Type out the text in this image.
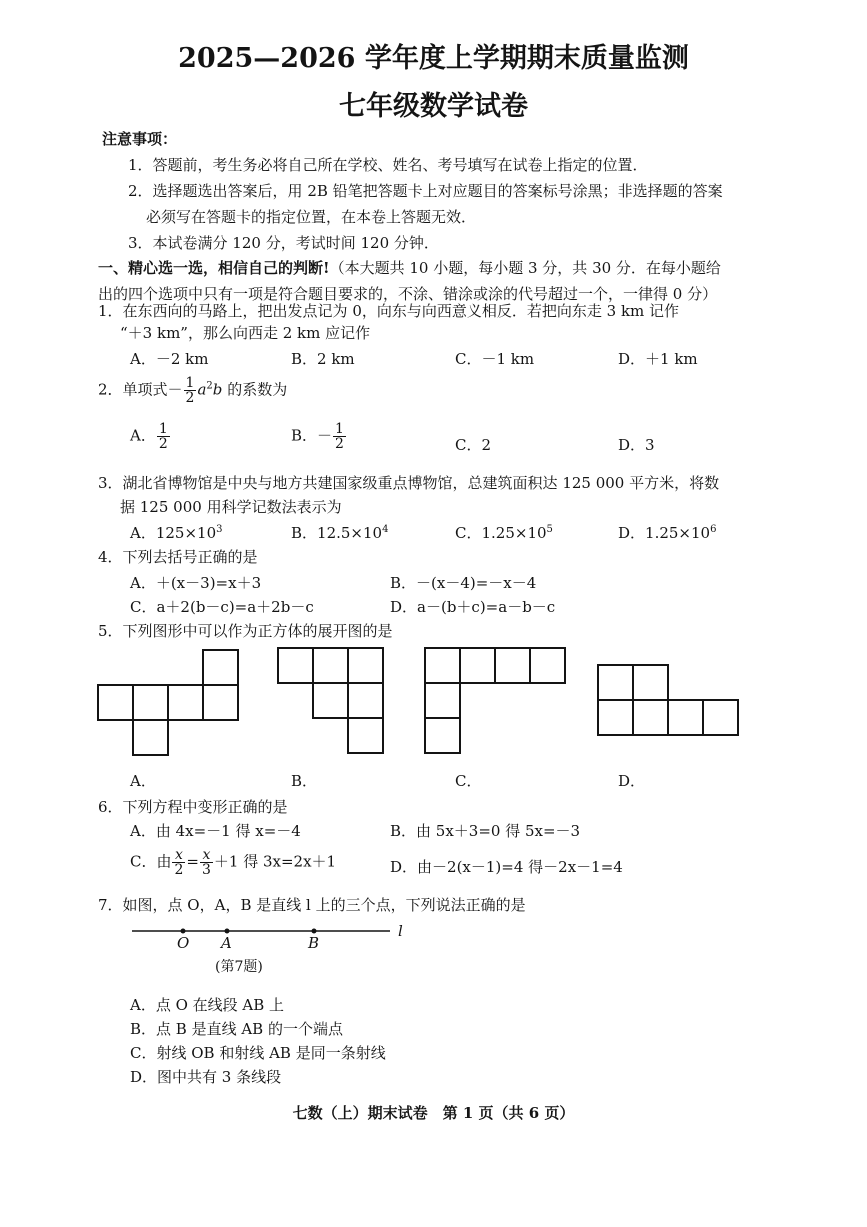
2025—2026 学年度上学期期末质量监测
七年级数学试卷
注意事项：
1．答题前，考生务必将自己所在学校、姓名、考号填写在试卷上指定的位置．
2．选择题选出答案后，用 2B 铅笔把答题卡上对应题目的答案标号涂黑；非选择题的答案
必须写在答题卡的指定位置，在本卷上答题无效．
3．本试卷满分 120 分，考试时间 120 分钟．
一、精心选一选，相信自己的判断!（本大题共 10 小题，每小题 3 分，共 30 分．在每小题给
出的四个选项中只有一项是符合题目要求的，不涂、错涂或涂的代号超过一个，一律得 0 分）
1．在东西向的马路上，把出发点记为 0，向东与向西意义相反．若把向东走 3 km 记作
“＋3 km”，那么向西走 2 km 应记作
A．－2 km	B．2 km	C．－1 km	D．＋1 km
2．单项式－ $\frac{1}{2} a^2b$ 的系数为
A． $\frac{1}{2}$	B．－ $\frac{1}{2}$	C．2	D．3
3．湖北省博物馆是中央与地方共建国家级重点博物馆，总建筑面积达 125 000 平方米，将数
据 125 000 用科学记数法表示为
A．$125\times 10^3$	B．$12.5\times 10^4$	C．$1.25\times 10^5$	D．$1.25\times 10^6$
4．下列去括号正确的是
A．＋(x－3)=x＋3	B．－(x－4)=－x－4
C．a＋2(b－c)=a＋2b－c	D．a－(b＋c)=a－b－c
5．下列图形中可以作为正方体的展开图的是
A．	B．	C．	D．
6．下列方程中变形正确的是
A．由 4x=－1 得 x=－4	B．由 5x＋3=0 得 5x=－3
C．由 $\frac{x}{2} = \frac{x}{3} +1$ 得 3x=2x＋1	D．由－2(x－1)=4 得－2x－1=4
7．如图，点 O，A，B 是直线 l 上的三个点，下列说法正确的是
O A	B
l
(第7题)
A．点 O 在线段 AB 上
B．点 B 是直线 AB 的一个端点
C．射线 OB 和射线 AB 是同一条射线
D．图中共有 3 条线段
七数（上）期末试卷　第 1 页（共 6 页）
